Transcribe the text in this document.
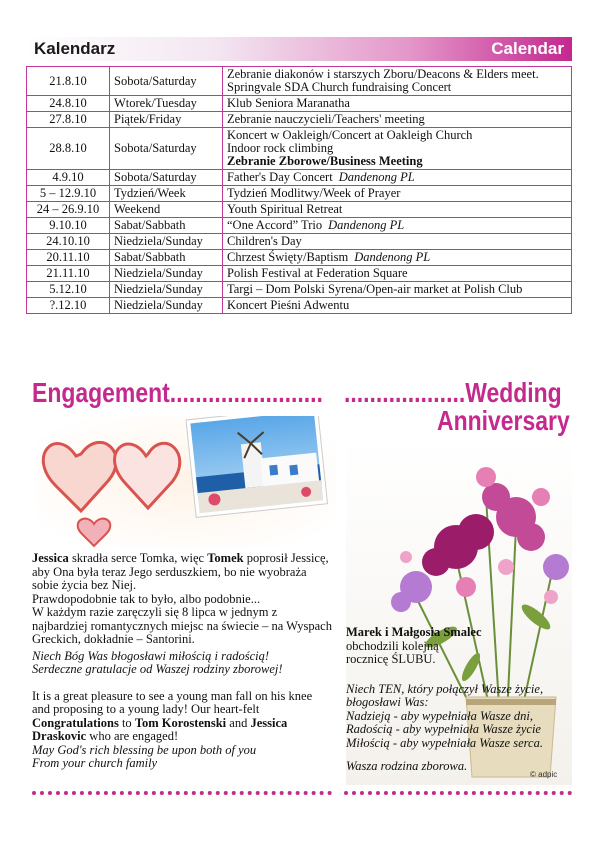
Kalendarz	Calendar
21.8.10	Sobota/Saturday	Zebranie diakonów i starszych Zboru/Deacons & Elders meet.
Springvale SDA Church fundraising Concert

24.8.10	Wtorek/Tuesday	Klub Seniora Maranatha

27.8.10	Piątek/Friday	Zebranie nauczycieli/Teachers' meeting

28.8.10	Sobota/Saturday	Koncert w Oakleigh/Concert at Oakleigh Church
Indoor rock climbing
Zebranie Zborowe/Business Meeting

4.9.10	Sobota/Saturday	Father's Day Concert Dandenong PL

5 – 12.9.10	Tydzień/Week	Tydzień Modlitwy/Week of Prayer

24 – 26.9.10	Weekend	Youth Spiritual Retreat

9.10.10	Sabat/Sabbath	“One Accord” Trio Dandenong PL

24.10.10	Niedziela/Sunday	Children's Day

20.11.10	Sabat/Sabbath	Chrzest Święty/Baptism Dandenong PL

21.11.10	Niedziela/Sunday	Polish Festival at Federation Square

5.12.10	Niedziela/Sunday	Targi – Dom Polski Syrena/Open-air market at Polish Club

?.12.10	Niedziela/Sunday	Koncert Pieśni Adwentu
Engagement........................

Jessica skradła serce Tomka, więc Tomek poprosił Jessicę, aby Ona była teraz Jego serduszkiem, bo nie wyobraża sobie życia bez Niej.

Prawdopodobnie tak to było, albo podobnie...

W każdym razie zaręczyli się 8 lipca w jednym z najbardziej romantycznych miejsc na świecie – na Wyspach Greckich, dokładnie – Santorini.

Niech Bóg Was błogosławi miłością i radością!

Serdeczne gratulacje od Waszej rodziny zborowej!

It is a great pleasure to see a young man fall on his knee and proposing to a young lady! Our heart-felt Congratulations to Tom Korostenski and Jessica Draskovic who are engaged!

May God's rich blessing be upon both of you

From your church family

...................Wedding
Anniversary

Marek i Małgosia Smalec

obchodzili kolejną

rocznicę ŚLUBU.

Niech TEN, który połączył Wasze życie,
błogosławi Was:
Nadzieją - aby wypełniała Wasze dni,
Radością - aby wypełniała Wasze życie
Miłością - aby wypełniała Wasze serca.

Wasza rodzina zborowa.

© adpic
